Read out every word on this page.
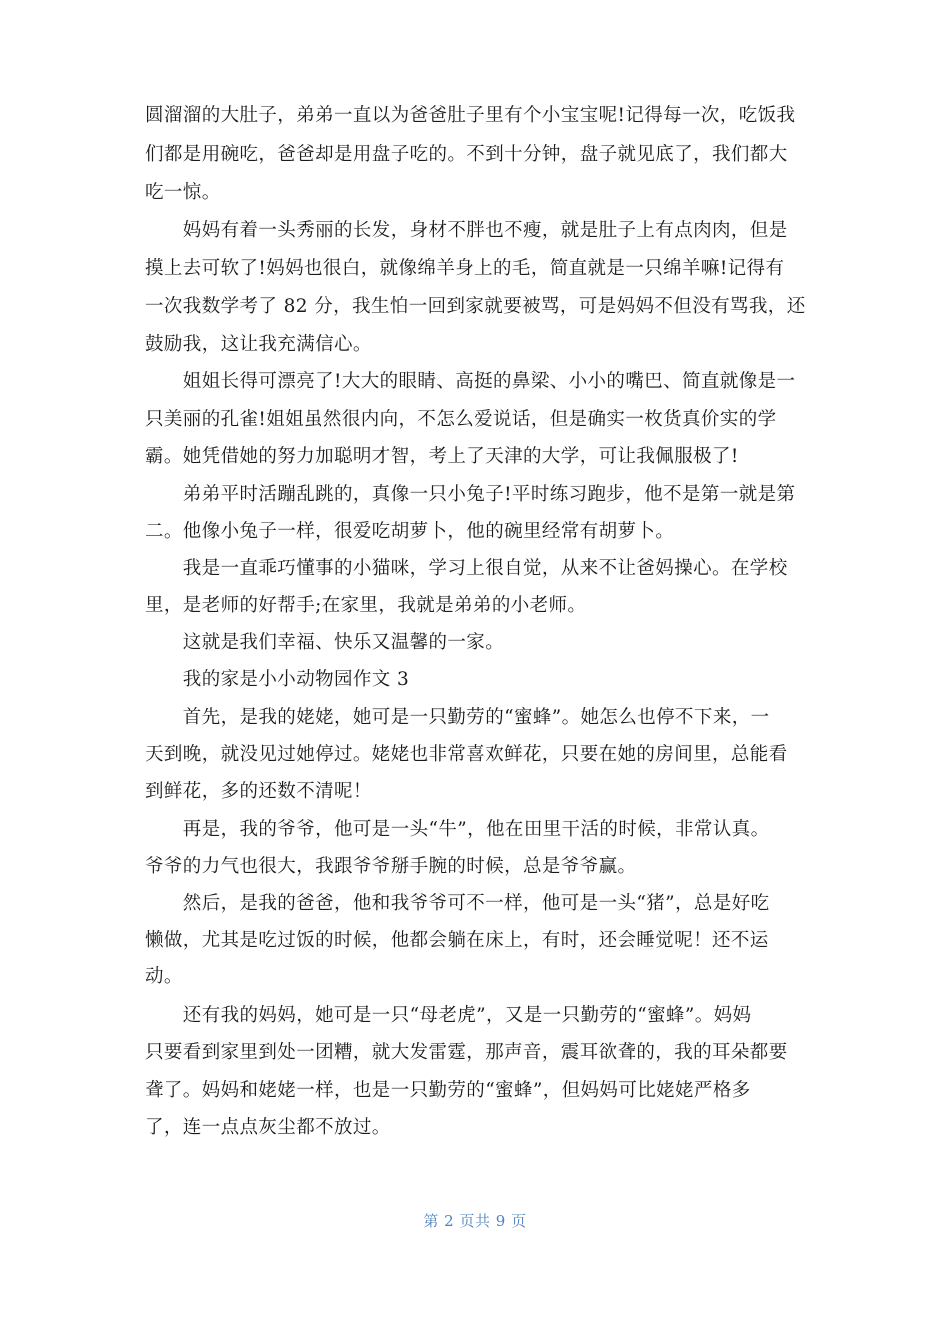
圆溜溜的大肚子，弟弟一直以为爸爸肚子里有个小宝宝呢!记得每一次，吃饭我
们都是用碗吃，爸爸却是用盘子吃的。不到十分钟，盘子就见底了，我们都大
吃一惊。
　　妈妈有着一头秀丽的长发，身材不胖也不瘦，就是肚子上有点肉肉，但是
摸上去可软了!妈妈也很白，就像绵羊身上的毛，简直就是一只绵羊嘛!记得有
一次我数学考了 82 分，我生怕一回到家就要被骂，可是妈妈不但没有骂我，还
鼓励我，这让我充满信心。
　　姐姐长得可漂亮了!大大的眼睛、高挺的鼻梁、小小的嘴巴、简直就像是一
只美丽的孔雀!姐姐虽然很内向，不怎么爱说话，但是确实一枚货真价实的学
霸。她凭借她的努力加聪明才智，考上了天津的大学，可让我佩服极了!
　　弟弟平时活蹦乱跳的，真像一只小兔子!平时练习跑步，他不是第一就是第
二。他像小兔子一样，很爱吃胡萝卜，他的碗里经常有胡萝卜。
　　我是一直乖巧懂事的小猫咪，学习上很自觉，从来不让爸妈操心。在学校
里，是老师的好帮手;在家里，我就是弟弟的小老师。
　　这就是我们幸福、快乐又温馨的一家。
　　我的家是小小动物园作文 3
　　首先，是我的姥姥，她可是一只勤劳的“蜜蜂”。她怎么也停不下来，一
天到晚，就没见过她停过。姥姥也非常喜欢鲜花，只要在她的房间里，总能看
到鲜花，多的还数不清呢！
　　再是，我的爷爷，他可是一头“牛”，他在田里干活的时候，非常认真。
爷爷的力气也很大，我跟爷爷掰手腕的时候，总是爷爷赢。
　　然后，是我的爸爸，他和我爷爷可不一样，他可是一头“猪”，总是好吃
懒做，尤其是吃过饭的时候，他都会躺在床上，有时，还会睡觉呢！还不运
动。
　　还有我的妈妈，她可是一只“母老虎”，又是一只勤劳的“蜜蜂”。妈妈
只要看到家里到处一团糟，就大发雷霆，那声音，震耳欲聋的，我的耳朵都要
聋了。妈妈和姥姥一样，也是一只勤劳的“蜜蜂”，但妈妈可比姥姥严格多
了，连一点点灰尘都不放过。
第 2 页共 9 页
